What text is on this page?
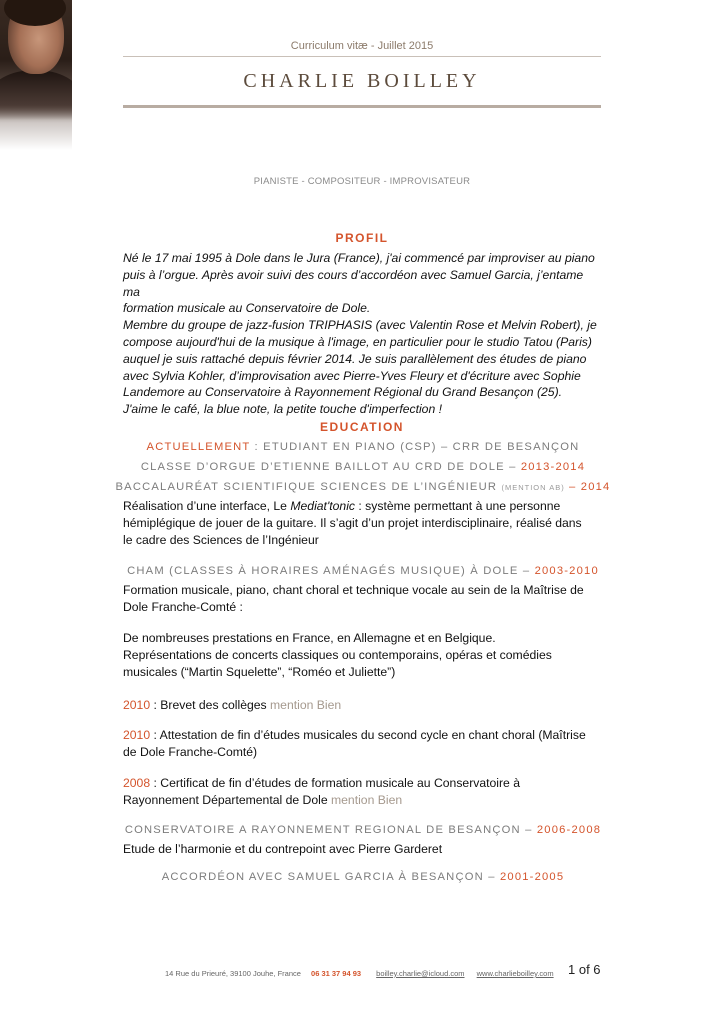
Curriculum vitæ - Juillet 2015
CHARLIE BOILLEY
PIANISTE - COMPOSITEUR - IMPROVISATEUR
PROFIL
Né le 17 mai 1995 à Dole dans le Jura (France), j'ai commencé par improviser au piano
puis à l’orgue. Après avoir suivi des cours d’accordéon avec Samuel Garcia, j’entame ma
formation musicale au Conservatoire de Dole.
Membre du groupe de jazz-fusion TRIPHASIS (avec Valentin Rose et Melvin Robert), je
compose aujourd'hui de la musique à l'image, en particulier pour le studio Tatou (Paris)
auquel je suis rattaché depuis février 2014. Je suis parallèlement des études de piano
avec Sylvia Kohler, d’improvisation avec Pierre-Yves Fleury et d'écriture avec Sophie
Landemore au Conservatoire à Rayonnement Régional du Grand Besançon (25).
J'aime le café, la blue note, la petite touche d'imperfection !
EDUCATION
ACTUELLEMENT : ETUDIANT EN PIANO (CSP) – CRR DE BESANÇON
CLASSE D’ORGUE D’ETIENNE BAILLOT AU CRD DE DOLE – 2013-2014
BACCALAURÉAT SCIENTIFIQUE SCIENCES DE L’INGÉNIEUR (MENTION AB) – 2014
Réalisation d’une interface, Le Mediat'tonic : système permettant à une personne
hémiplégique de jouer de la guitare. Il s’agit d’un projet interdisciplinaire, réalisé dans
le cadre des Sciences de l’Ingénieur
CHAM (CLASSES À HORAIRES AMÉNAGÉS MUSIQUE) À DOLE – 2003-2010
Formation musicale, piano, chant choral et technique vocale au sein de la Maîtrise de
Dole Franche-Comté :
De nombreuses prestations en France, en Allemagne et en Belgique.
Représentations de concerts classiques ou contemporains, opéras et comédies
musicales (“Martin Squelette”, “Roméo et Juliette”)
2010 : Brevet des collèges mention Bien
2010 : Attestation de fin d’études musicales du second cycle en chant choral (Maîtrise
de Dole Franche-Comté)
2008 : Certificat de fin d’études de formation musicale au Conservatoire à
Rayonnement Départemental de Dole mention Bien
CONSERVATOIRE A RAYONNEMENT REGIONAL DE BESANÇON – 2006-2008
Etude de l’harmonie et du contrepoint avec Pierre Garderet
ACCORDÉON AVEC SAMUEL GARCIA À BESANÇON – 2001-2005
14 Rue du Prieuré, 39100 Jouhe, France 06 31 37 94 93 boilley.charlie@icloud.com www.charlieboilley.com	1 of 6
